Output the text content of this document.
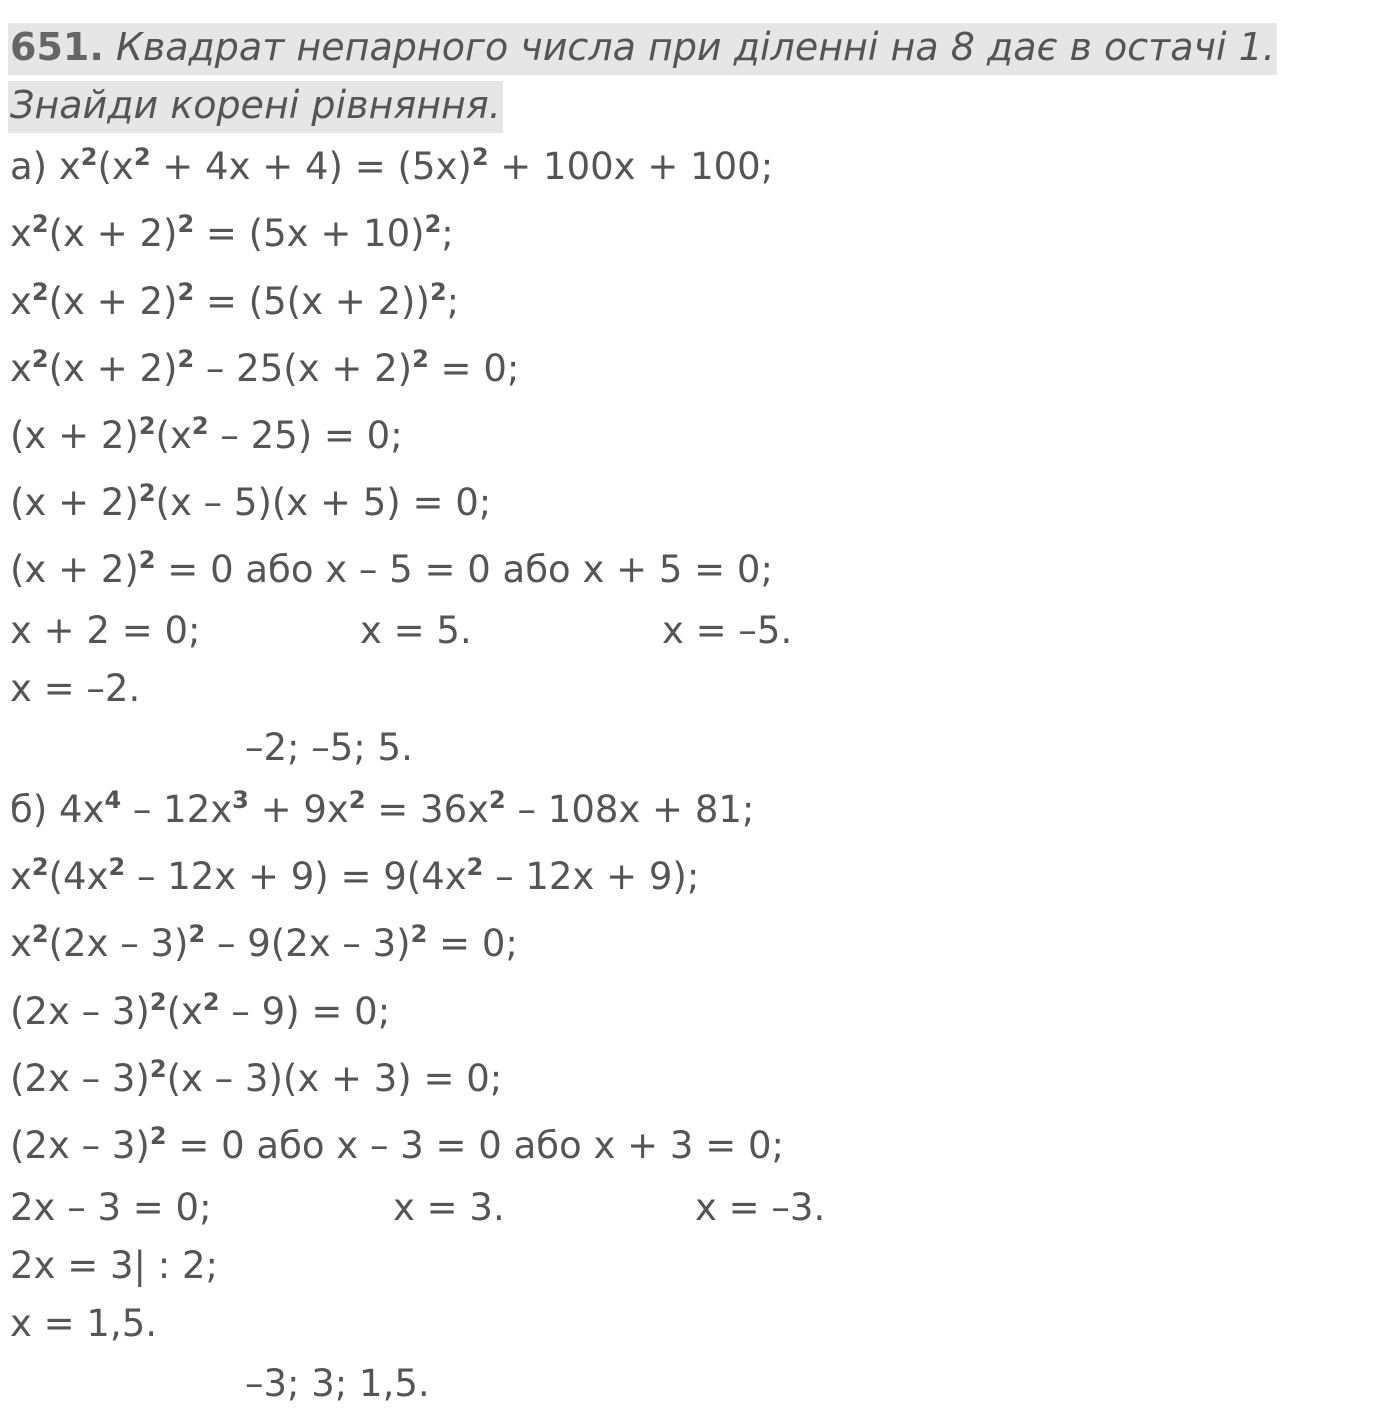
651. Квадрат непарного числа при діленні на 8 дає в остачі 1.
Знайди корені рівняння.
а) $x^2(x^2 + 4x + 4) = (5x)^2 + 100x + 100$;
$x^2(x + 2)^2 = (5x + 10)^2$;
$x^2(x + 2)^2 = (5(x + 2))^2$;
$x^2(x + 2)^2 - 25(x + 2)^2 = 0$;
$(x + 2)^2(x^2 - 25) = 0$;
$(x + 2)^2(x - 5)(x + 5) = 0$;
$(x + 2)^2 = 0$ або x – 5 = 0 або x + 5 = 0;
x + 2 = 0;	x = 5.	x = –5.
x = –2.
–2; –5; 5.
б) $4x^4 - 12x^3 + 9x^2 = 36x^2 - 108x + 81$;
$x^2(4x^2 - 12x + 9) = 9(4x^2 - 12x + 9)$;
$x^2(2x - 3)^2 - 9(2x - 3)^2 = 0$;
$(2x - 3)^2(x^2 - 9) = 0$;
(2x – 3)$^2$(x – 3)(x + 3) = 0;
(2x – 3)$^2$ = 0 або x – 3 = 0 або x + 3 = 0;
2x – 3 = 0;	x = 3.	x = –3.
2x = 3| : 2;
x = 1,5.
–3; 3; 1,5.
